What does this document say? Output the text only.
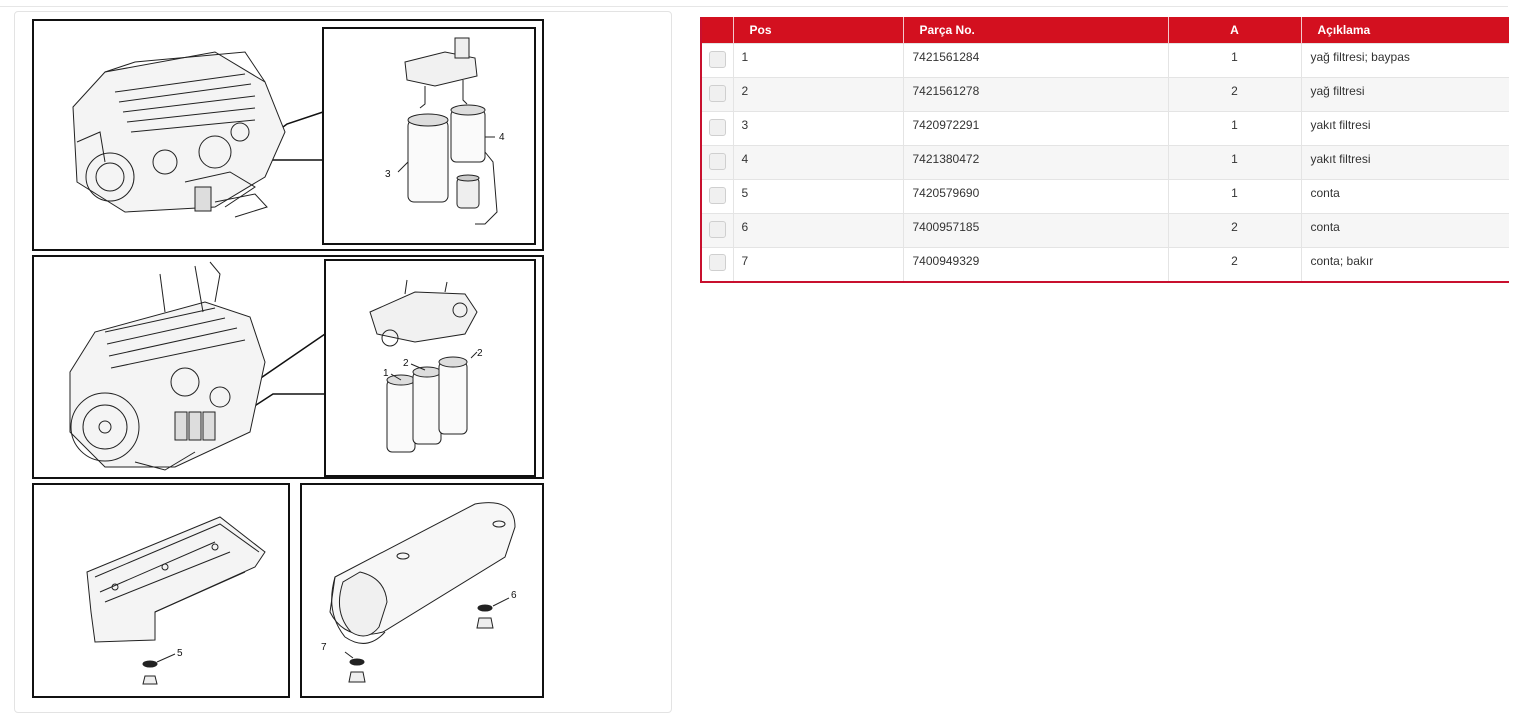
3
4
1
2
2
5
6
7
	Pos	Parça No.	A	Açıklama
	1	7421561284	1	yağ filtresi; baypas
	2	7421561278	2	yağ filtresi
	3	7420972291	1	yakıt filtresi
	4	7421380472	1	yakıt filtresi
	5	7420579690	1	conta
	6	7400957185	2	conta
	7	7400949329	2	conta; bakır
